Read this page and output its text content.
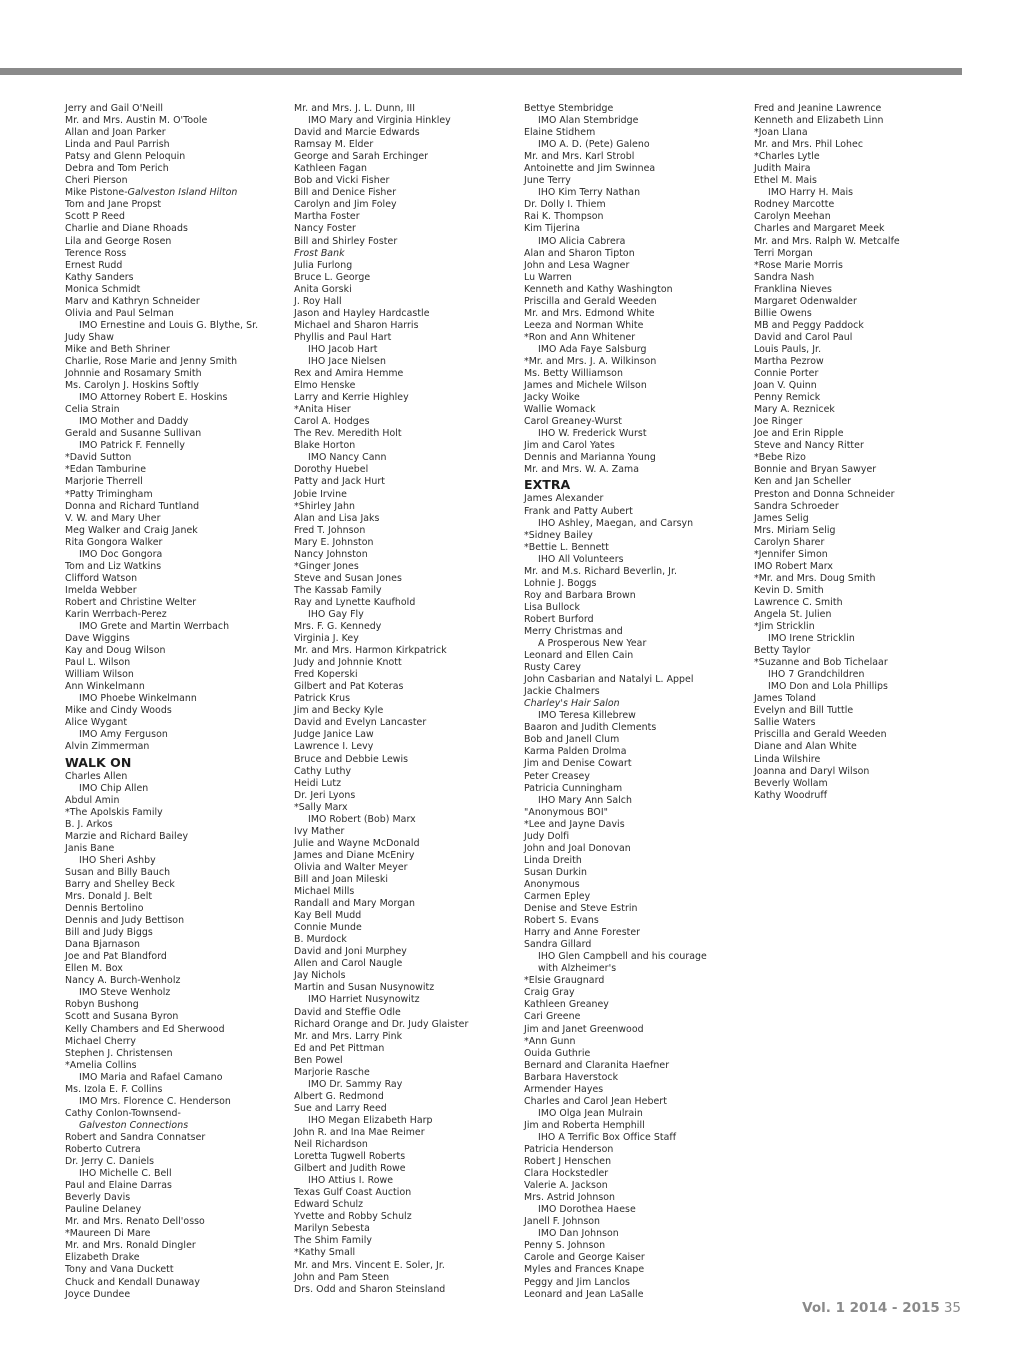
Jerry and Gail O'Neill
Mr. and Mrs. Austin M. O'Toole
Allan and Joan Parker
Linda and Paul Parrish
Patsy and Glenn Peloquin
Debra and Tom Perich
Cheri Pierson
Mike Pistone-Galveston Island Hilton
Tom and Jane Propst
Scott P Reed
Charlie and Diane Rhoads
Lila and George Rosen
Terence Ross
Ernest Rudd
Kathy Sanders
Monica Schmidt
Marv and Kathryn Schneider
Olivia and Paul Selman
IMO Ernestine and Louis G. Blythe, Sr.
Judy Shaw
Mike and Beth Shriner
Charlie, Rose Marie and Jenny Smith
Johnnie and Rosamary Smith
Ms. Carolyn J. Hoskins Softly
IMO Attorney Robert E. Hoskins
Celia Strain
IMO Mother and Daddy
Gerald and Susanne Sullivan
IMO Patrick F. Fennelly
*David Sutton
*Edan Tamburine
Marjorie Therrell
*Patty Trimingham
Donna and Richard Tuntland
V. W. and Mary Uher
Meg Walker and Craig Janek
Rita Gongora Walker
IMO Doc Gongora
Tom and Liz Watkins
Clifford Watson
Imelda Webber
Robert and Christine Welter
Karin Werrbach-Perez
IMO Grete and Martin Werrbach
Dave Wiggins
Kay and Doug Wilson
Paul L. Wilson
William Wilson
Ann Winkelmann
IMO Phoebe Winkelmann
Mike and Cindy Woods
Alice Wygant
IMO Amy Ferguson
Alvin Zimmerman
WALK ON
Charles Allen
IMO Chip Allen
Abdul Amin
*The Apolskis Family
B. J. Arkos
Marzie and Richard Bailey
Janis Bane
IHO Sheri Ashby
Susan and Billy Bauch
Barry and Shelley Beck
Mrs. Donald J. Belt
Dennis Bertolino
Dennis and Judy Bettison
Bill and Judy Biggs
Dana Bjarnason
Joe and Pat Blandford
Ellen M. Box
Nancy A. Burch-Wenholz
IMO Steve Wenholz
Robyn Bushong
Scott and Susana Byron
Kelly Chambers and Ed Sherwood
Michael Cherry
Stephen J. Christensen
*Amelia Collins
IMO Maria and Rafael Camano
Ms. Izola E. F. Collins
IMO Mrs. Florence C. Henderson
Cathy Conlon-Townsend-
Galveston Connections
Robert and Sandra Connatser
Roberto Cutrera
Dr. Jerry C. Daniels
IHO Michelle C. Bell
Paul and Elaine Darras
Beverly Davis
Pauline Delaney
Mr. and Mrs. Renato Dell'osso
*Maureen Di Mare
Mr. and Mrs. Ronald Dingler
Elizabeth Drake
Tony and Vana Duckett
Chuck and Kendall Dunaway
Joyce Dundee
Mr. and Mrs. J. L. Dunn, III
IMO Mary and Virginia Hinkley
David and Marcie Edwards
Ramsay M. Elder
George and Sarah Erchinger
Kathleen Fagan
Bob and Vicki Fisher
Bill and Denice Fisher
Carolyn and Jim Foley
Martha Foster
Nancy Foster
Bill and Shirley Foster
Frost Bank
Julia Furlong
Bruce L. George
Anita Gorski
J. Roy Hall
Jason and Hayley Hardcastle
Michael and Sharon Harris
Phyllis and Paul Hart
IHO Jacob Hart
IHO Jace Nielsen
Rex and Amira Hemme
Elmo Henske
Larry and Kerrie Highley
*Anita Hiser
Carol A. Hodges
The Rev. Meredith Holt
Blake Horton
IMO Nancy Cann
Dorothy Huebel
Patty and Jack Hurt
Jobie Irvine
*Shirley Jahn
Alan and Lisa Jaks
Fred T. Johnson
Mary E. Johnston
Nancy Johnston
*Ginger Jones
Steve and Susan Jones
The Kassab Family
Ray and Lynette Kaufhold
IHO Gay Fly
Mrs. F. G. Kennedy
Virginia J. Key
Mr. and Mrs. Harmon Kirkpatrick
Judy and Johnnie Knott
Fred Koperski
Gilbert and Pat Koteras
Patrick Krus
Jim and Becky Kyle
David and Evelyn Lancaster
Judge Janice Law
Lawrence I. Levy
Bruce and Debbie Lewis
Cathy Luthy
Heidi Lutz
Dr. Jeri Lyons
*Sally Marx
IMO Robert (Bob) Marx
Ivy Mather
Julie and Wayne McDonald
James and Diane McEniry
Olivia and Walter Meyer
Bill and Joan Mileski
Michael Mills
Randall and Mary Morgan
Kay Bell Mudd
Connie Munde
B. Murdock
David and Joni Murphey
Allen and Carol Naugle
Jay Nichols
Martin and Susan Nusynowitz
IMO Harriet Nusynowitz
David and Steffie Odle
Richard Orange and Dr. Judy Glaister
Mr. and Mrs. Larry Pink
Ed and Pet Pittman
Ben Powel
Marjorie Rasche
IMO Dr. Sammy Ray
Albert G. Redmond
Sue and Larry Reed
IHO Megan Elizabeth Harp
John R. and Ina Mae Reimer
Neil Richardson
Loretta Tugwell Roberts
Gilbert and Judith Rowe
IHO Attius I. Rowe
Texas Gulf Coast Auction
Edward Schulz
Yvette and Robby Schulz
Marilyn Sebesta
The Shim Family
*Kathy Small
Mr. and Mrs. Vincent E. Soler, Jr.
John and Pam Steen
Drs. Odd and Sharon Steinsland
Bettye Stembridge
IMO Alan Stembridge
Elaine Stidhem
IMO A. D. (Pete) Galeno
Mr. and Mrs. Karl Strobl
Antoinette and Jim Swinnea
June Terry
IHO Kim Terry Nathan
Dr. Dolly I. Thiem
Rai K. Thompson
Kim Tijerina
IMO Alicia Cabrera
Alan and Sharon Tipton
John and Lesa Wagner
Lu Warren
Kenneth and Kathy Washington
Priscilla and Gerald Weeden
Mr. and Mrs. Edmond White
Leeza and Norman White
*Ron and Ann Whitener
IMO Ada Faye Salsburg
*Mr. and Mrs. J. A. Wilkinson
Ms. Betty Williamson
James and Michele Wilson
Jacky Woike
Wallie Womack
Carol Greaney-Wurst
IHO W. Frederick Wurst
Jim and Carol Yates
Dennis and Marianna Young
Mr. and Mrs. W. A. Zama
EXTRA
James Alexander
Frank and Patty Aubert
IHO Ashley, Maegan, and Carsyn
*Sidney Bailey
*Bettie L. Bennett
IHO All Volunteers
Mr. and M.s. Richard Beverlin, Jr.
Lohnie J. Boggs
Roy and Barbara Brown
Lisa Bullock
Robert Burford
Merry Christmas and
A Prosperous New Year
Leonard and Ellen Cain
Rusty Carey
John Casbarian and Natalyi L. Appel
Jackie Chalmers
Charley's Hair Salon
IMO Teresa Killebrew
Baaron and Judith Clements
Bob and Janell Clum
Karma Palden Drolma
Jim and Denise Cowart
Peter Creasey
Patricia Cunningham
IHO Mary Ann Salch
"Anonymous BOI"
*Lee and Jayne Davis
Judy Dolfi
John and Joal Donovan
Linda Dreith
Susan Durkin
Anonymous
Carmen Epley
Denise and Steve Estrin
Robert S. Evans
Harry and Anne Forester
Sandra Gillard
IHO Glen Campbell and his courage
with Alzheimer's
*Elsie Graugnard
Craig Gray
Kathleen Greaney
Cari Greene
Jim and Janet Greenwood
*Ann Gunn
Ouida Guthrie
Bernard and Claranita Haefner
Barbara Haverstock
Armender Hayes
Charles and Carol Jean Hebert
IMO Olga Jean Mulrain
Jim and Roberta Hemphill
IHO A Terrific Box Office Staff
Patricia Henderson
Robert J Henschen
Clara Hockstedler
Valerie A. Jackson
Mrs. Astrid Johnson
IMO Dorothea Haese
Janell F. Johnson
IMO Dan Johnson
Penny S. Johnson
Carole and George Kaiser
Myles and Frances Knape
Peggy and Jim Lanclos
Leonard and Jean LaSalle
Fred and Jeanine Lawrence
Kenneth and Elizabeth Linn
*Joan Llana
Mr. and Mrs. Phil Lohec
*Charles Lytle
Judith Maira
Ethel M. Mais
IMO Harry H. Mais
Rodney Marcotte
Carolyn Meehan
Charles and Margaret Meek
Mr. and Mrs. Ralph W. Metcalfe
Terri Morgan
*Rose Marie Morris
Sandra Nash
Franklina Nieves
Margaret Odenwalder
Billie Owens
MB and Peggy Paddock
David and Carol Paul
Louis Pauls, Jr.
Martha Pezrow
Connie Porter
Joan V. Quinn
Penny Remick
Mary A. Reznicek
Joe Ringer
Joe and Erin Ripple
Steve and Nancy Ritter
*Bebe Rizo
Bonnie and Bryan Sawyer
Ken and Jan Scheller
Preston and Donna Schneider
Sandra Schroeder
James Selig
Mrs. Miriam Selig
Carolyn Sharer
*Jennifer Simon
IMO Robert Marx
*Mr. and Mrs. Doug Smith
Kevin D. Smith
Lawrence C. Smith
Angela St. Julien
*Jim Stricklin
IMO Irene Stricklin
Betty Taylor
*Suzanne and Bob Tichelaar
IHO 7 Grandchildren
IMO Don and Lola Phillips
James Toland
Evelyn and Bill Tuttle
Sallie Waters
Priscilla and Gerald Weeden
Diane and Alan White
Linda Wilshire
Joanna and Daryl Wilson
Beverly Wollam
Kathy Woodruff
Vol. 1 2014 - 2015 35
